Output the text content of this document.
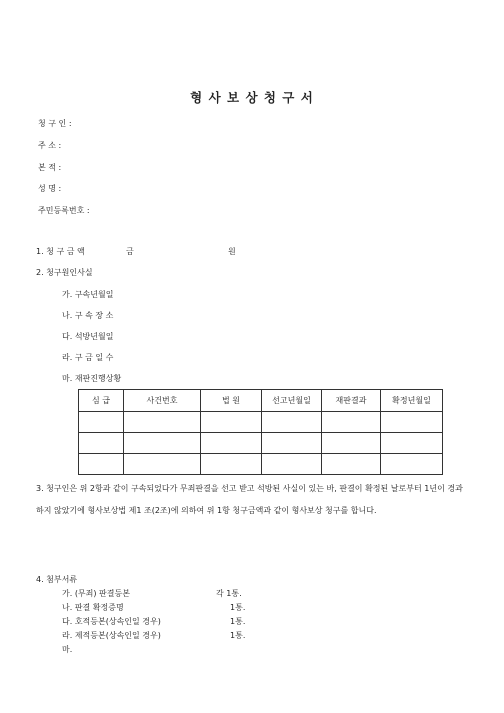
형 사 보 상 청 구 서
청 구 인 :
주 소 :
본 적 :
성 명 :
주민등록번호 :
1. 청 구 금 액	금	원
2. 청구원인사실
가. 구속년월일
나. 구 속 장 소
다. 석방년월일
라. 구 금 일 수
마. 재판진행상황
심 급	사건번호	법 원	선고년월일	재판결과	확정년월일

3. 청구인은 위 2항과 같이 구속되었다가 무죄판결을 선고 받고 석방된 사실이 있는 바, 판결이 확정된 날로부터 1년이 경과하지 않았기에 형사보상법 제1 조(2조)에 의하여 위 1항 청구금액과 같이 형사보상 청구를 합니다.
4. 첨부서류
가. (무죄) 판결등본	각 1통.
나. 판결 확정증명	1통.
다. 호적등본(상속인일 경우)	1통.
라. 제적등본(상속인일 경우)	1통.
마.
